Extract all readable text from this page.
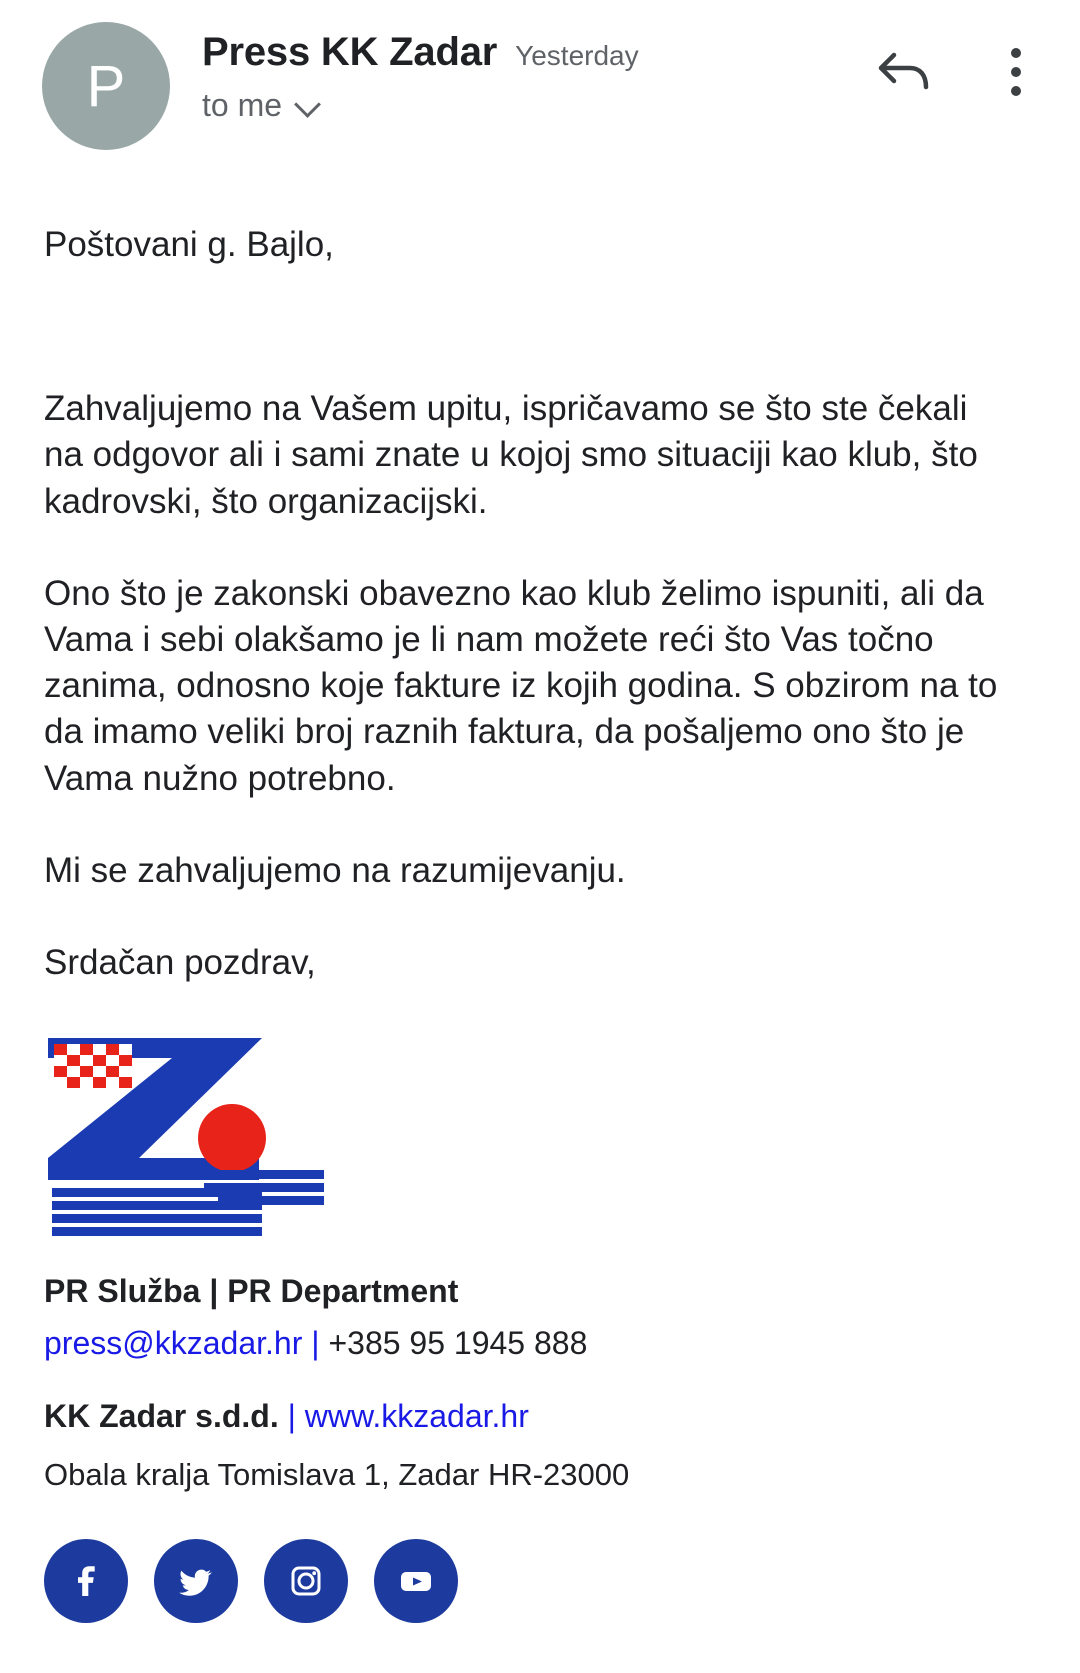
P
Press KK Zadar Yesterday
to me

Poštovani g. Bajlo,

Zahvaljujemo na Vašem upitu, ispričavamo se što ste čekali na odgovor ali i sami znate u kojoj smo situaciji kao klub, što kadrovski, što organizacijski.

Ono što je zakonski obavezno kao klub želimo ispuniti, ali da Vama i sebi olakšamo je li nam možete reći što Vas točno zanima, odnosno koje fakture iz kojih godina. S obzirom na to da imamo veliki broj raznih faktura, da pošaljemo ono što je Vama nužno potrebno.

Mi se zahvaljujemo na razumijevanju.

Srdačan pozdrav,

PR Služba | PR Department
press@kkzadar.hr | +385 95 1945 888
KK Zadar s.d.d. | www.kkzadar.hr
Obala kralja Tomislava 1, Zadar HR-23000
